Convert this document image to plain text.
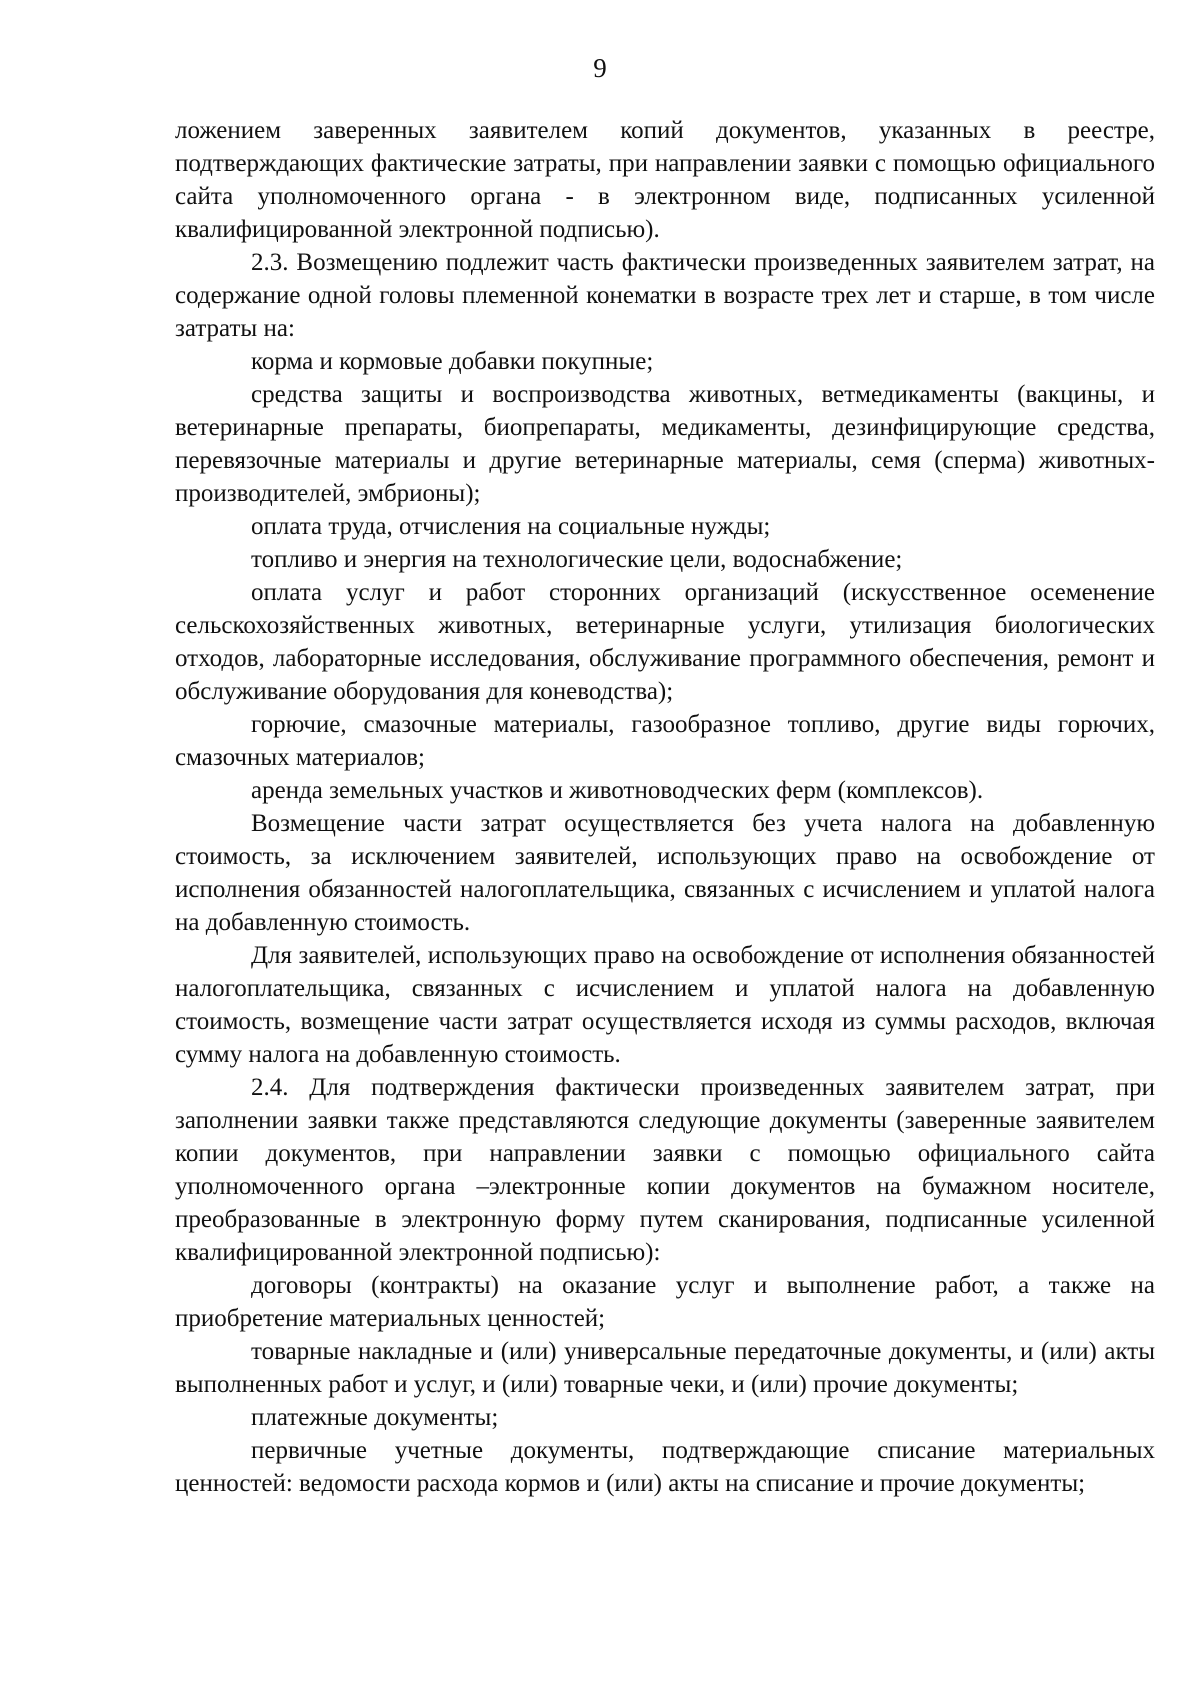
9

ложением заверенных заявителем копий документов, указанных в реестре, подтверждающих фактические затраты, при направлении заявки с помощью официального сайта уполномоченного органа - в электронном виде, подписанных усиленной квалифицированной электронной подписью).

2.3. Возмещению подлежит часть фактически произведенных заявителем затрат, на содержание одной головы племенной конематки в возрасте трех лет и старше, в том числе затраты на:

корма и кормовые добавки покупные;

средства защиты и воспроизводства животных, ветмедикаменты (вакцины, и ветеринарные препараты, биопрепараты, медикаменты, дезинфицирующие средства, перевязочные материалы и другие ветеринарные материалы, семя (сперма) животных-производителей, эмбрионы);

оплата труда, отчисления на социальные нужды;

топливо и энергия на технологические цели, водоснабжение;

оплата услуг и работ сторонних организаций (искусственное осеменение сельскохозяйственных животных, ветеринарные услуги, утилизация биологических отходов, лабораторные исследования, обслуживание программного обеспечения, ремонт и обслуживание оборудования для коневодства);

горючие, смазочные материалы, газообразное топливо, другие виды горючих, смазочных материалов;

аренда земельных участков и животноводческих ферм (комплексов).

Возмещение части затрат осуществляется без учета налога на добавленную стоимость, за исключением заявителей, использующих право на освобождение от исполнения обязанностей налогоплательщика, связанных с исчислением и уплатой налога на добавленную стоимость.

Для заявителей, использующих право на освобождение от исполнения обязанностей налогоплательщика, связанных с исчислением и уплатой налога на добавленную стоимость, возмещение части затрат осуществляется исходя из суммы расходов, включая сумму налога на добавленную стоимость.

2.4. Для подтверждения фактически произведенных заявителем затрат, при заполнении заявки также представляются следующие документы (заверенные заявителем копии документов, при направлении заявки с помощью официального сайта уполномоченного органа –электронные копии документов на бумажном носителе, преобразованные в электронную форму путем сканирования, подписанные усиленной квалифицированной электронной подписью):

договоры (контракты) на оказание услуг и выполнение работ, а также на приобретение материальных ценностей;

товарные накладные и (или) универсальные передаточные документы, и (или) акты выполненных работ и услуг, и (или) товарные чеки, и (или) прочие документы;

платежные документы;

первичные учетные документы, подтверждающие списание материальных ценностей: ведомости расхода кормов и (или) акты на списание и прочие документы;
